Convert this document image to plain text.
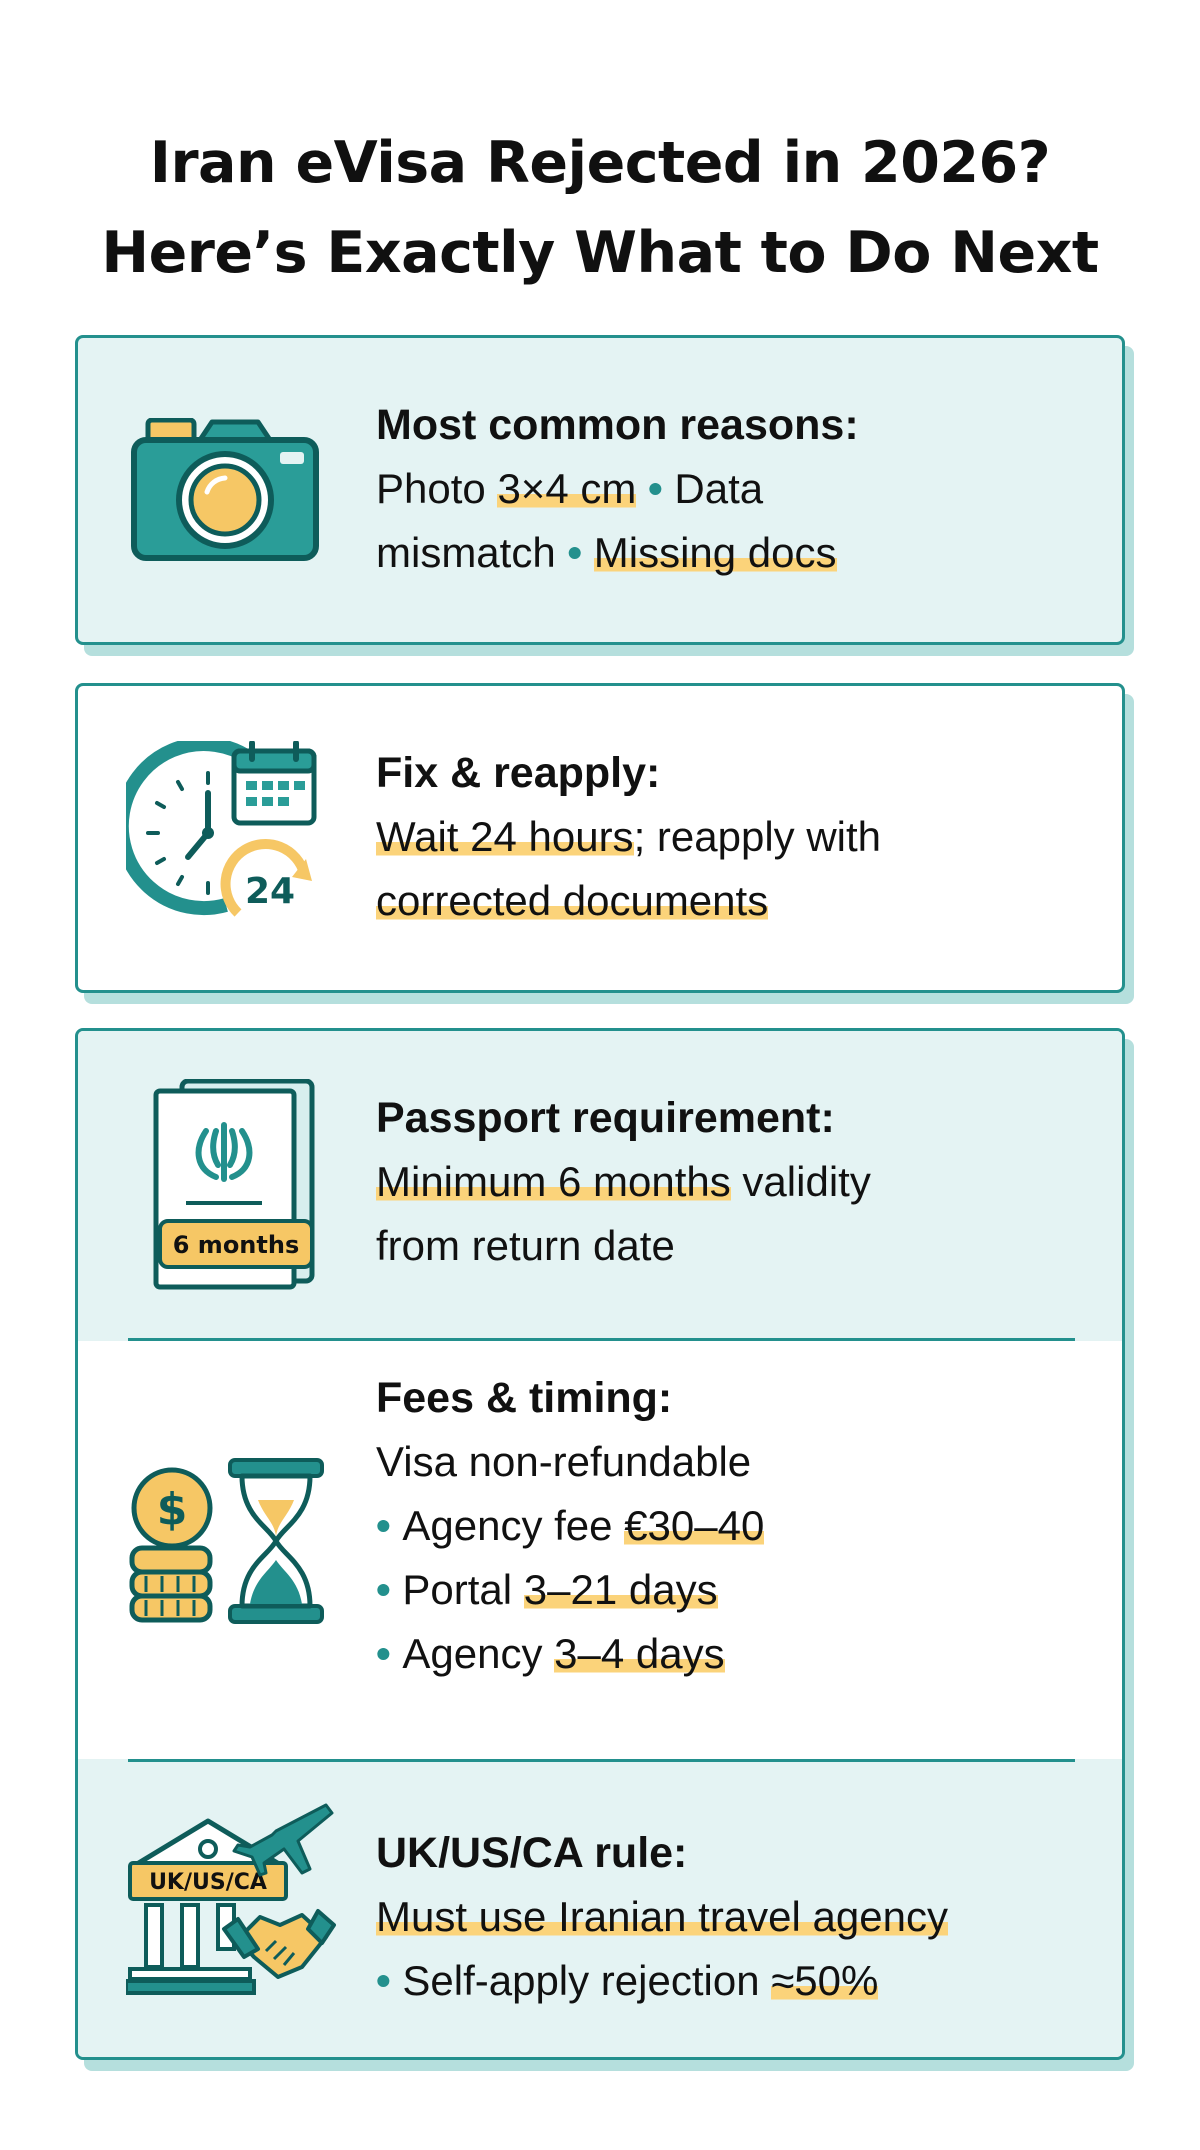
Iran eVisa Rejected in 2026?
Here’s Exactly What to Do Next
Most common reasons:
Photo 3×4 cm • Data
mismatch • Missing docs
24
Fix & reapply:
Wait 24 hours; reapply with
corrected documents
6 months
Passport requirement:
Minimum 6 months validity
from return date
$
Fees & timing:
Visa non-refundable
• Agency fee €30–40
• Portal 3–21 days
• Agency 3–4 days
UK/US/CA
UK/US/CA rule:
Must use Iranian travel agency
• Self-apply rejection ≈50%
